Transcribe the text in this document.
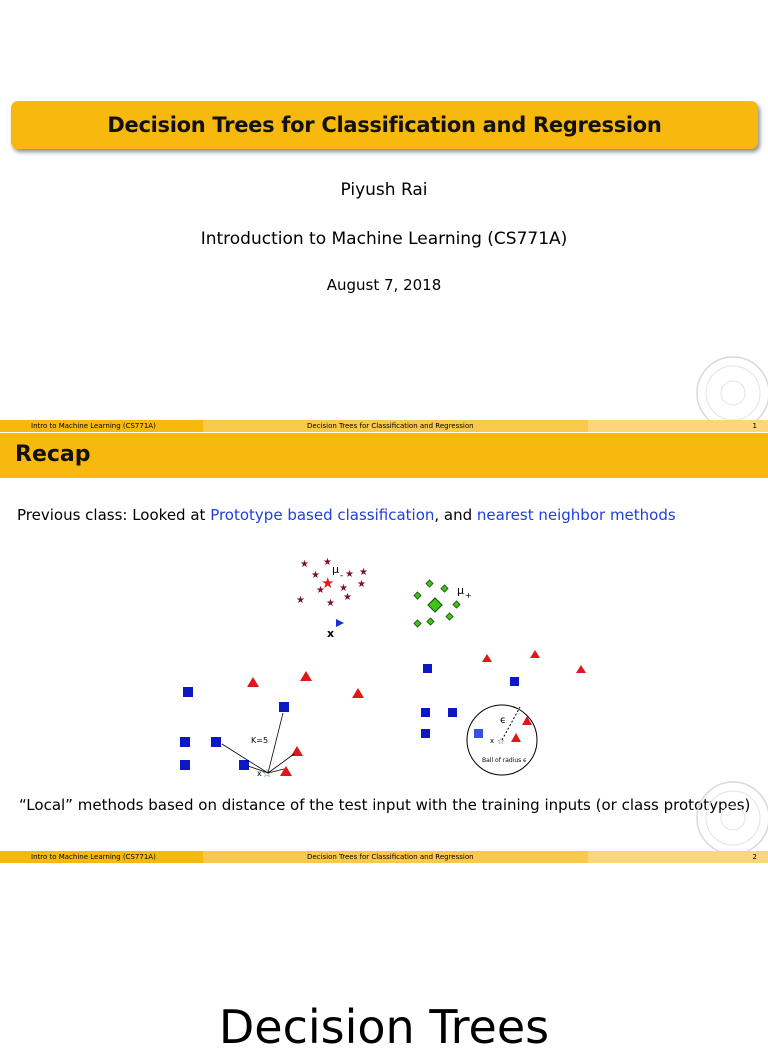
Decision Trees for Classification and Regression
Piyush Rai
Introduction to Machine Learning (CS771A)
August 7, 2018
Intro to Machine Learning (CS771A)	Decision Trees for Classification and Regression	1
Recap
Previous class: Looked at Prototype based classification, and nearest neighbor methods
★ ★
★	★ ★
★ ★ ★
★ ★
★
★
μ -
x
μ +
☆
x
K=5	☆
x
ϵ
Ball of radius ϵ
“Local” methods based on distance of the test input with the training inputs (or class prototypes)
Intro to Machine Learning (CS771A)	Decision Trees for Classification and Regression	2
Decision Trees
